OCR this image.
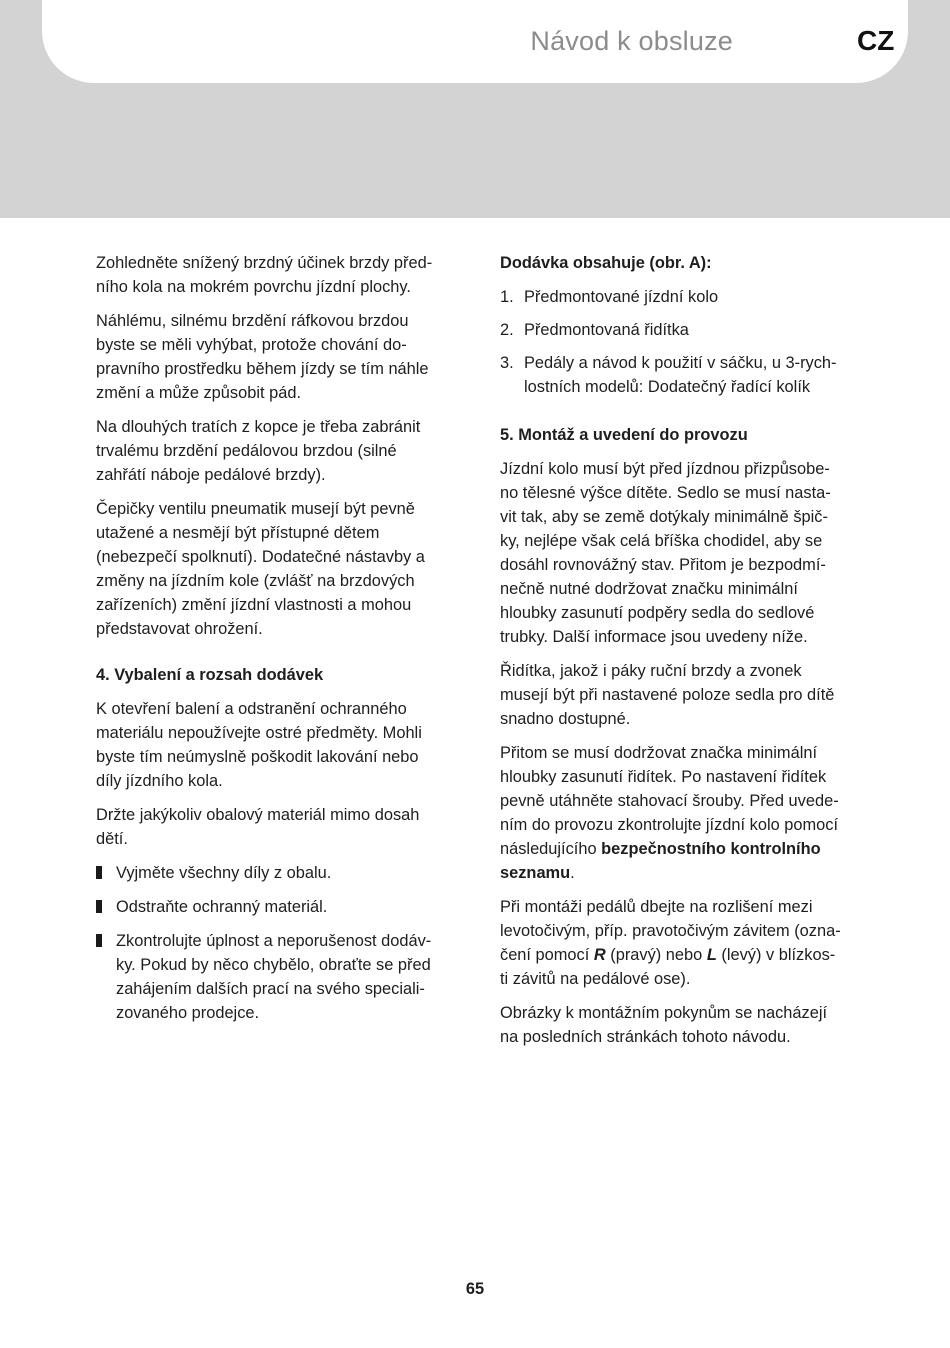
Návod k obsluze	CZ

Zohledněte snížený brzdný účinek brzdy před-
ního kola na mokrém povrchu jízdní plochy.

Náhlému, silnému brzdění ráfkovou brzdou
byste se měli vyhýbat, protože chování do-
pravního prostředku během jízdy se tím náhle
změní a může způsobit pád.

Na dlouhých tratích z kopce je třeba zabránit
trvalému brzdění pedálovou brzdou (silné
zahřátí náboje pedálové brzdy).

Čepičky ventilu pneumatik musejí být pevně
utažené a nesmějí být přístupné dětem
(nebezpečí spolknutí). Dodatečné nástavby a
změny na jízdním kole (zvlášť na brzdových
zařízeních) změní jízdní vlastnosti a mohou
představovat ohrožení.

4. Vybalení a rozsah dodávek

K otevření balení a odstranění ochranného
materiálu nepoužívejte ostré předměty. Mohli
byste tím neúmyslně poškodit lakování nebo
díly jízdního kola.

Držte jakýkoliv obalový materiál mimo dosah
dětí.

Vyjměte všechny díly z obalu.
Odstraňte ochranný materiál.
Zkontrolujte úplnost a neporušenost dodáv-
ky. Pokud by něco chybělo, obraťte se před
zahájením dalších prací na svého speciali-
zovaného prodejce.
Dodávka obsahuje (obr. A):
1. Předmontované jízdní kolo
2. Předmontovaná řidítka
3. Pedály a návod k použití v sáčku, u 3-rych-
lostních modelů: Dodatečný řadící kolík
5. Montáž a uvedení do provozu

Jízdní kolo musí být před jízdnou přizpůsobe-
no tělesné výšce dítěte. Sedlo se musí nasta-
vit tak, aby se země dotýkaly minimálně špič-
ky, nejlépe však celá bříška chodidel, aby se
dosáhl rovnovážný stav. Přitom je bezpodmí-
nečně nutné dodržovat značku minimální
hloubky zasunutí podpěry sedla do sedlové
trubky. Další informace jsou uvedeny níže.

Řidítka, jakož i páky ruční brzdy a zvonek
musejí být při nastavené poloze sedla pro dítě
snadno dostupné.

Přitom se musí dodržovat značka minimální
hloubky zasunutí řidítek. Po nastavení řidítek
pevně utáhněte stahovací šrouby. Před uvede-
ním do provozu zkontrolujte jízdní kolo pomocí
následujícího bezpečnostního kontrolního
seznamu.

Při montáži pedálů dbejte na rozlišení mezi
levotočivým, příp. pravotočivým závitem (ozna-
čení pomocí R (pravý) nebo L (levý) v blízkos-
ti závitů na pedálové ose).

Obrázky k montážním pokynům se nacházejí
na posledních stránkách tohoto návodu.

65
